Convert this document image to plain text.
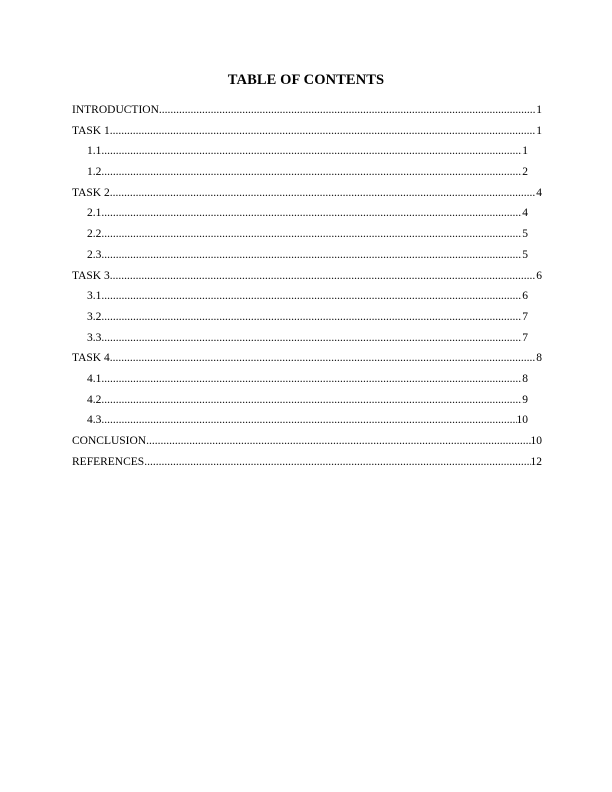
TABLE OF CONTENTS
INTRODUCTION .....	1
TASK 1 .....	1
1.1 .....	1
1.2 .....	2
TASK 2 .....	4
2.1 .....	4
2.2 .....	5
2.3 .....	5
TASK 3 .....	6
3.1 .....	6
3.2 .....	7
3.3 .....	7
TASK 4 .....	8
4.1 .....	8
4.2 .....	9
4.3 .....	10
CONCLUSION .....	10
REFERENCES .....	12
